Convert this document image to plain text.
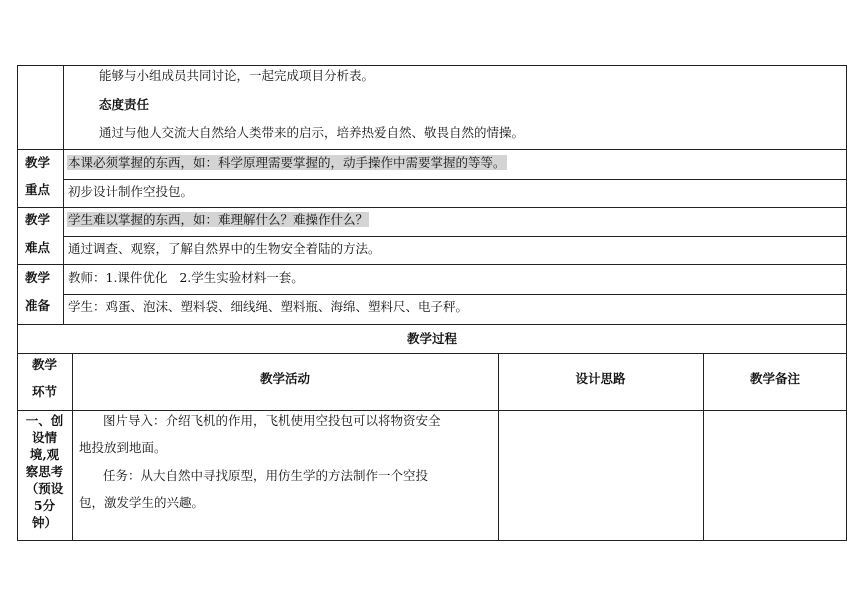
能够与小组成员共同讨论，一起完成项目分析表。
态度责任
通过与他人交流大自然给人类带来的启示，培养热爱自然、敬畏自然的情操。
教学
重点
本课必须掌握的东西，如：科学原理需要掌握的，动手操作中需要掌握的等等。
初步设计制作空投包。
教学
难点
学生难以掌握的东西，如：难理解什么？难操作什么？
通过调查、观察，了解自然界中的生物安全着陆的方法。
教学
准备
教师：1.课件优化   2.学生实验材料一套。
学生：鸡蛋、泡沫、塑料袋、细线绳、塑料瓶、海绵、塑料尺、电子秤。
教学过程
教学
环节
教学活动	设计思路	教学备注
一、创
设情
境,观
察思考
（预设
5分
钟）
图片导入：介绍飞机的作用，飞机使用空投包可以将物资安全
地投放到地面。
任务：从大自然中寻找原型，用仿生学的方法制作一个空投
包，激发学生的兴趣。
